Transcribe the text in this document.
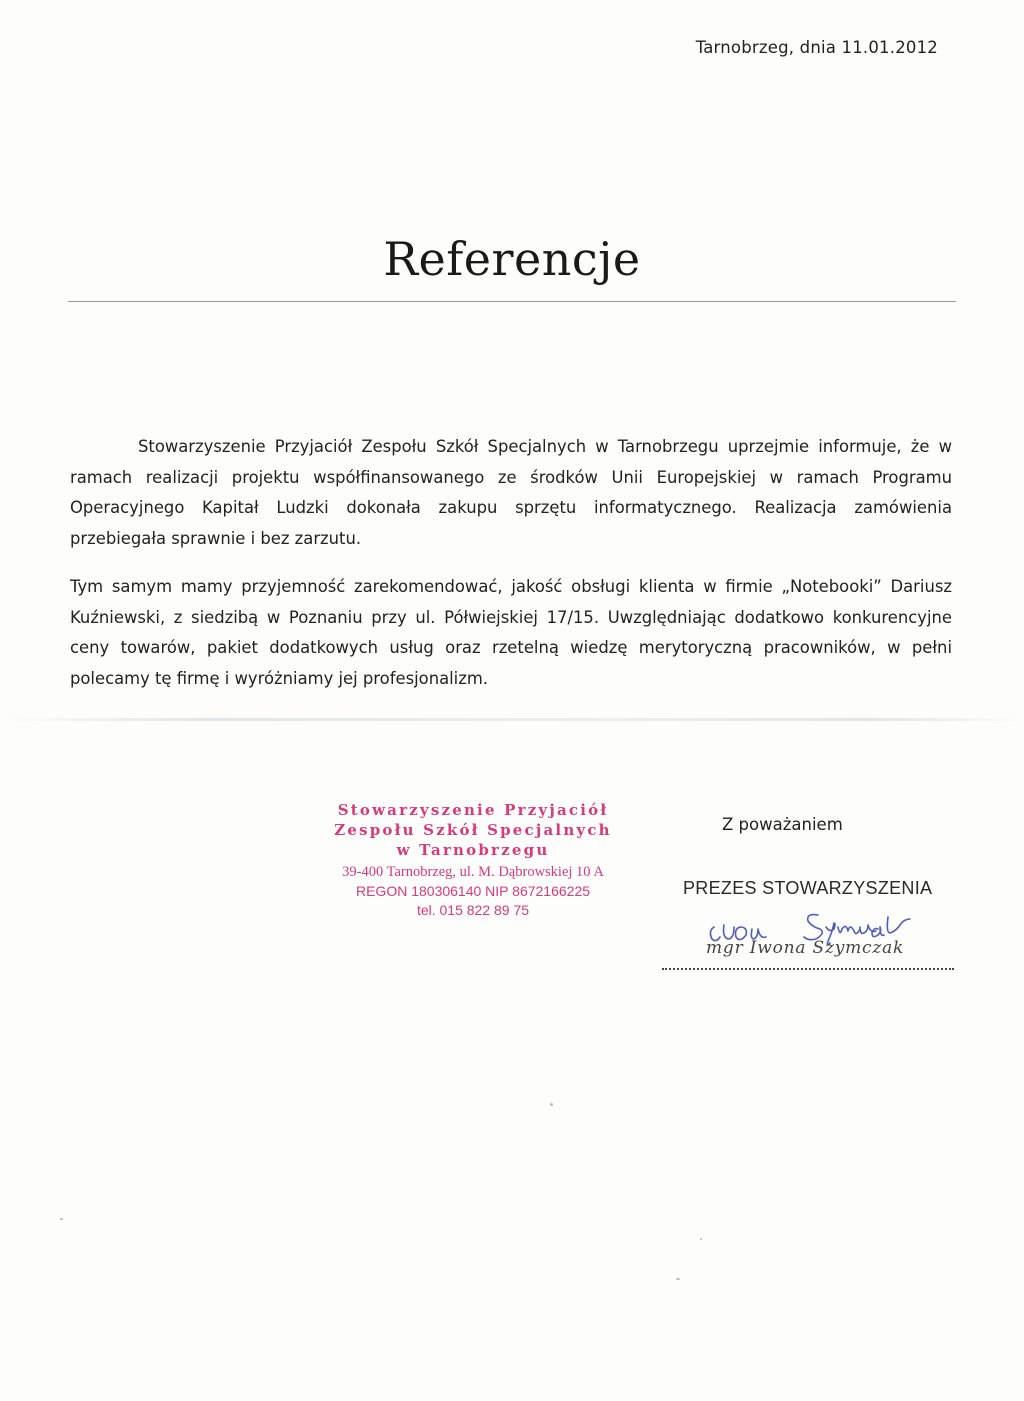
Tarnobrzeg, dnia 11.01.2012
Referencje

Stowarzyszenie Przyjaciół Zespołu Szkół Specjalnych w Tarnobrzegu uprzejmie informuje, że w ramach realizacji projektu współfinansowanego ze środków Unii Europejskiej w ramach Programu Operacyjnego Kapitał Ludzki dokonała zakupu sprzętu informatycznego. Realizacja zamówienia przebiegała sprawnie i bez zarzutu.

Tym samym mamy przyjemność zarekomendować, jakość obsługi klienta w firmie „Notebooki” Dariusz Kuźniewski, z siedzibą w Poznaniu przy ul. Półwiejskiej 17/15. Uwzględniając dodatkowo konkurencyjne ceny towarów, pakiet dodatkowych usług oraz rzetelną wiedzę merytoryczną pracowników, w pełni polecamy tę firmę i wyróżniamy jej profesjonalizm.

Stowarzyszenie Przyjaciół
Zespołu Szkół Specjalnych
w Tarnobrzegu
39-400 Tarnobrzeg, ul. M. Dąbrowskiej 10 A
REGON 180306140 NIP 8672166225
tel. 015 822 89 75
Z poważaniem
PREZES STOWARZYSZENIA
mgr Iwona Szymczak
